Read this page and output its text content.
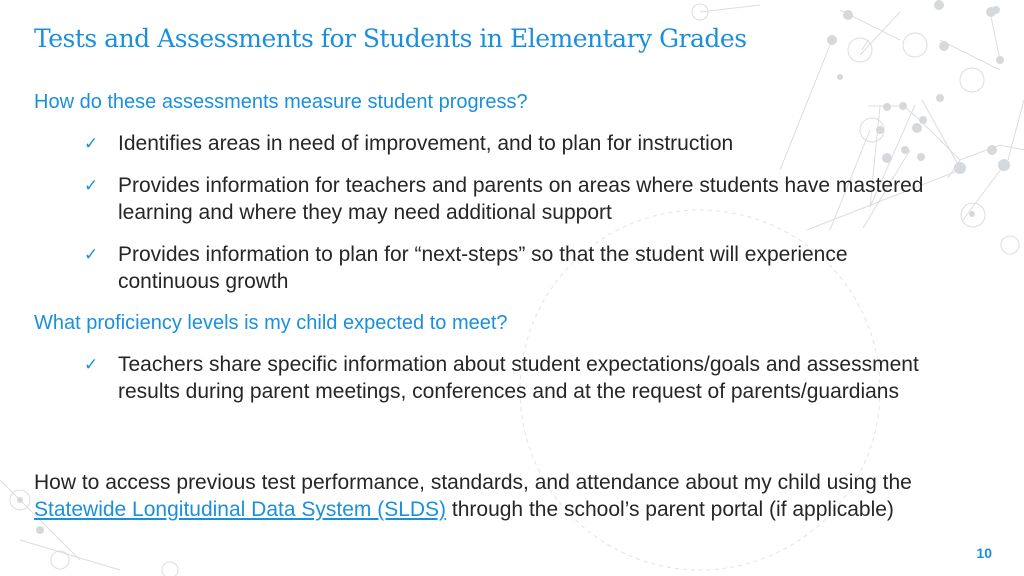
Tests and Assessments for Students in Elementary Grades
How do these assessments measure student progress?
✓ Identifies areas in need of improvement, and to plan for instruction
✓ Provides information for teachers and parents on areas where students have mastered learning and where they may need additional support
✓ Provides information to plan for “next-steps” so that the student will experience continuous growth
What proficiency levels is my child expected to meet?
✓ Teachers share specific information about student expectations/goals and assessment results during parent meetings, conferences and at the request of parents/guardians
How to access previous test performance, standards, and attendance about my child using the Statewide Longitudinal Data System (SLDS) through the school’s parent portal (if applicable)
10
